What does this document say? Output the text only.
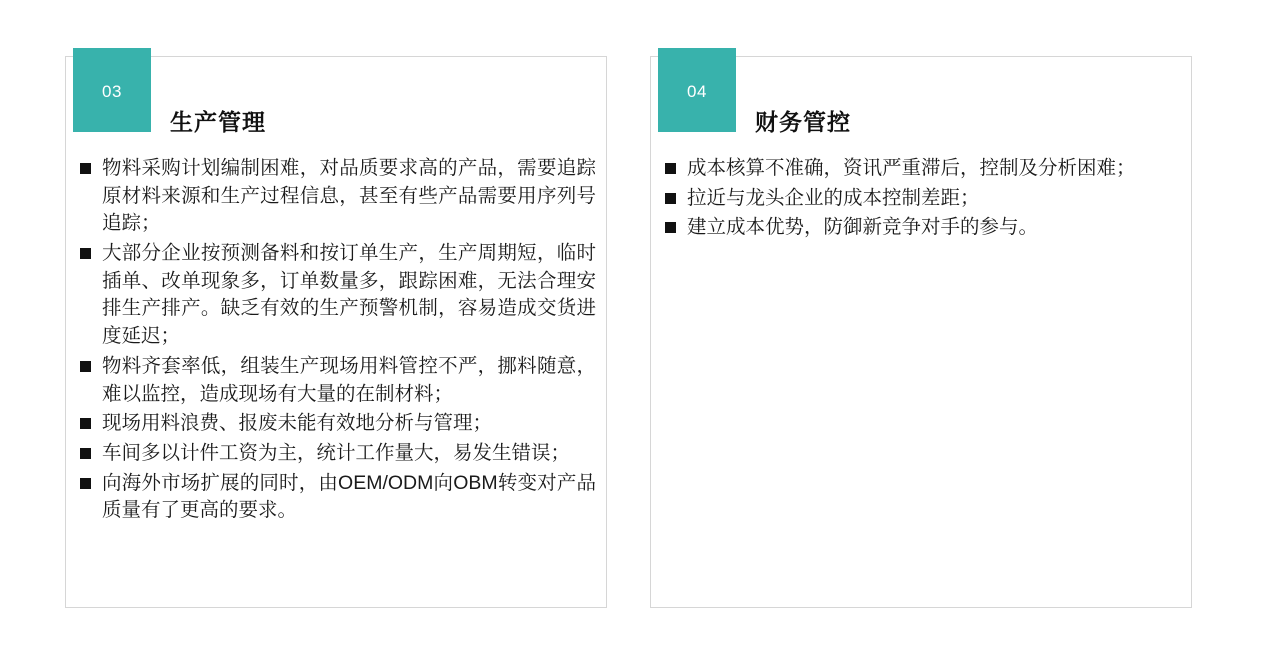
03
生产管理
物料采购计划编制困难，对品质要求高的产品，需要追踪原材料来源和生产过程信息，甚至有些产品需要用序列号追踪；
大部分企业按预测备料和按订单生产，生产周期短，临时插单、改单现象多，订单数量多，跟踪困难，无法合理安排生产排产。缺乏有效的生产预警机制，容易造成交货进度延迟；
物料齐套率低，组装生产现场用料管控不严，挪料随意，难以监控，造成现场有大量的在制材料；
现场用料浪费、报废未能有效地分析与管理；
车间多以计件工资为主，统计工作量大，易发生错误；
向海外市场扩展的同时，由OEM/ODM向OBM转变对产品质量有了更高的要求。
04
财务管控
成本核算不准确，资讯严重滞后，控制及分析困难；
拉近与龙头企业的成本控制差距；
建立成本优势，防御新竞争对手的参与。
